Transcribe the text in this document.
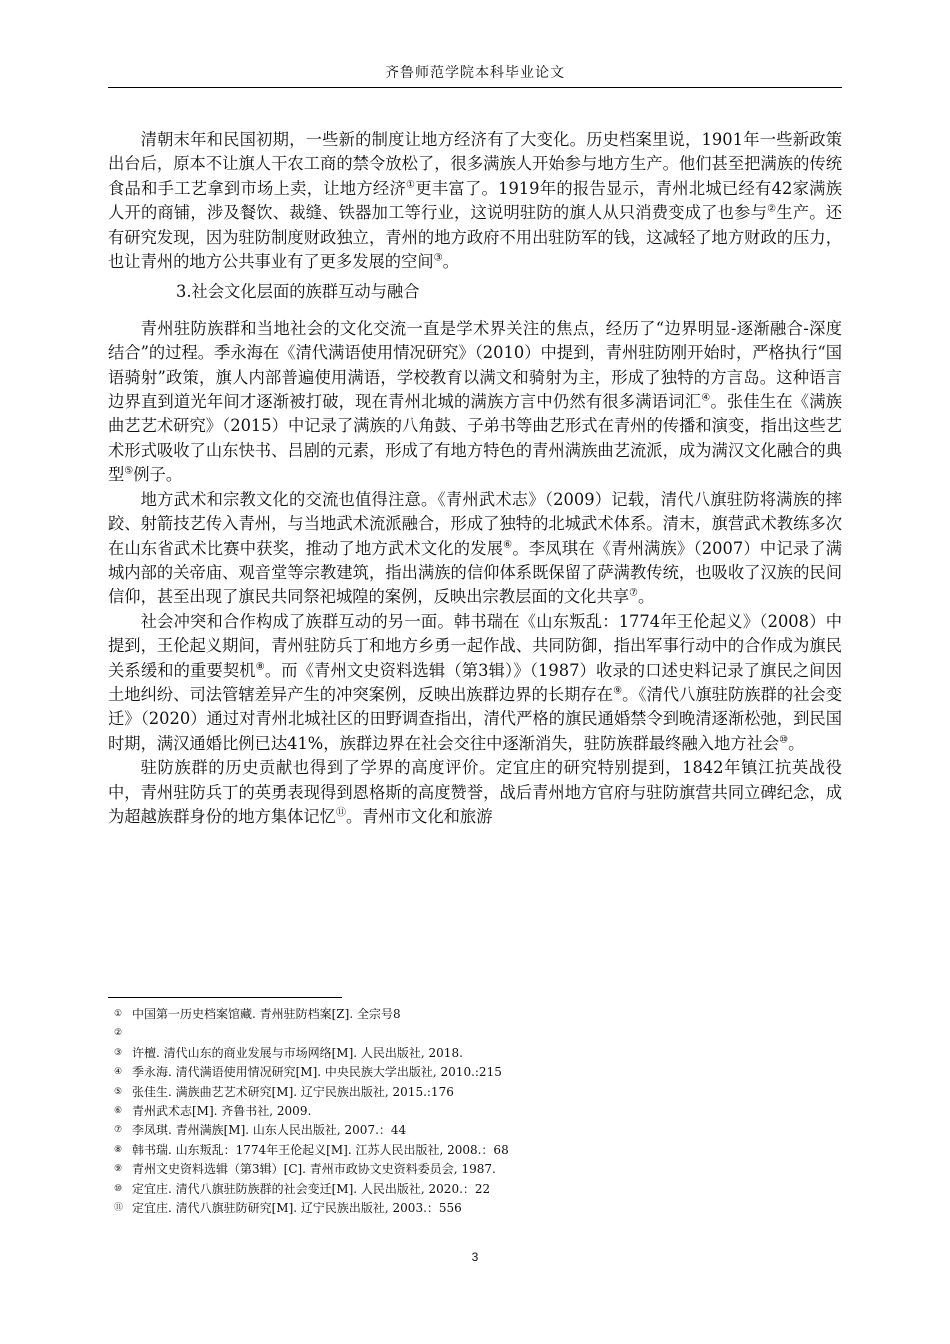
齐鲁师范学院本科毕业论文

清朝末年和民国初期，一些新的制度让地方经济有了大变化。历史档案里说，1901年一些新政策出台后，原本不让旗人干农工商的禁令放松了，很多满族人开始参与地方生产。他们甚至把满族的传统食品和手工艺拿到市场上卖，让地方经济①更丰富了。1919年的报告显示，青州北城已经有42家满族人开的商铺，涉及餐饮、裁缝、铁器加工等行业，这说明驻防的旗人从只消费变成了也参与②生产。还有研究发现，因为驻防制度财政独立，青州的地方政府不用出驻防军的钱，这减轻了地方财政的压力，也让青州的地方公共事业有了更多发展的空间③。

3.社会文化层面的族群互动与融合

青州驻防族群和当地社会的文化交流一直是学术界关注的焦点，经历了“边界明显-逐渐融合-深度结合”的过程。季永海在《清代满语使用情况研究》（2010）中提到，青州驻防刚开始时，严格执行“国语骑射”政策，旗人内部普遍使用满语，学校教育以满文和骑射为主，形成了独特的方言岛。这种语言边界直到道光年间才逐渐被打破，现在青州北城的满族方言中仍然有很多满语词汇④。张佳生在《满族曲艺艺术研究》（2015）中记录了满族的八角鼓、子弟书等曲艺形式在青州的传播和演变，指出这些艺术形式吸收了山东快书、吕剧的元素，形成了有地方特色的青州满族曲艺流派，成为满汉文化融合的典型⑤例子。

地方武术和宗教文化的交流也值得注意。《青州武术志》（2009）记载，清代八旗驻防将满族的摔跤、射箭技艺传入青州，与当地武术流派融合，形成了独特的北城武术体系。清末，旗营武术教练多次在山东省武术比赛中获奖，推动了地方武术文化的发展⑥。李凤琪在《青州满族》（2007）中记录了满城内部的关帝庙、观音堂等宗教建筑，指出满族的信仰体系既保留了萨满教传统，也吸收了汉族的民间信仰，甚至出现了旗民共同祭祀城隍的案例，反映出宗教层面的文化共享⑦。

社会冲突和合作构成了族群互动的另一面。韩书瑞在《山东叛乱：1774年王伦起义》（2008）中提到，王伦起义期间，青州驻防兵丁和地方乡勇一起作战、共同防御，指出军事行动中的合作成为旗民关系缓和的重要契机⑧。而《青州文史资料选辑（第3辑）》（1987）收录的口述史料记录了旗民之间因土地纠纷、司法管辖差异产生的冲突案例，反映出族群边界的长期存在⑨。《清代八旗驻防族群的社会变迁》（2020）通过对青州北城社区的田野调查指出，清代严格的旗民通婚禁令到晚清逐渐松弛，到民国时期，满汉通婚比例已达41%，族群边界在社会交往中逐渐消失，驻防族群最终融入地方社会⑩。

驻防族群的历史贡献也得到了学界的高度评价。定宜庄的研究特别提到，1842年镇江抗英战役中，青州驻防兵丁的英勇表现得到恩格斯的高度赞誉，战后青州地方官府与驻防旗营共同立碑纪念，成为超越族群身份的地方集体记忆⑪。青州市文化和旅游

① 中国第一历史档案馆藏. 青州驻防档案[Z]. 全宗号8
②
③ 许檀. 清代山东的商业发展与市场网络[M]. 人民出版社, 2018.
④ 季永海. 清代满语使用情况研究[M]. 中央民族大学出版社, 2010.:215
⑤ 张佳生. 满族曲艺艺术研究[M]. 辽宁民族出版社, 2015.:176
⑥ 青州武术志[M]. 齐鲁书社, 2009.
⑦ 李凤琪. 青州满族[M]. 山东人民出版社, 2007.：44
⑧ 韩书瑞. 山东叛乱：1774年王伦起义[M]. 江苏人民出版社, 2008.：68
⑨ 青州文史资料选辑（第3辑）[C]. 青州市政协文史资料委员会, 1987.
⑩ 定宜庄. 清代八旗驻防族群的社会变迁[M]. 人民出版社, 2020.：22
⑪ 定宜庄. 清代八旗驻防研究[M]. 辽宁民族出版社, 2003.：556
3
